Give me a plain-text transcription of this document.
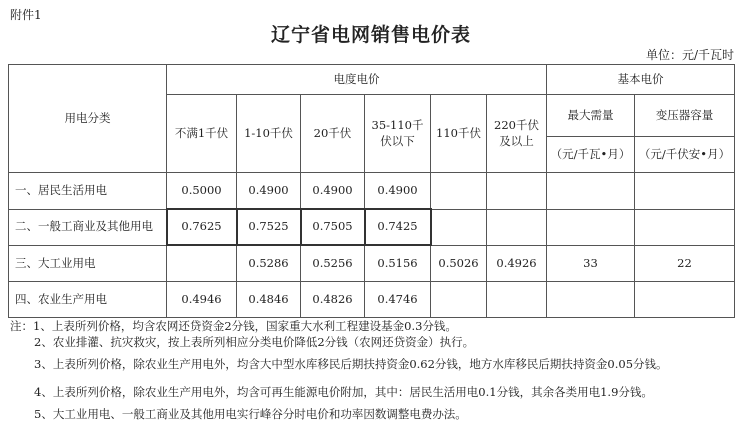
附件1
辽宁省电网销售电价表
单位：元/千瓦时
用电分类	电度电价						基本电价	
	不满1千伏	1-10千伏	20千伏	35-110千伏以下	110千伏	220千伏及以上	最大需量	变压器容量
							（元/千瓦•月）	（元/千伏安•月）
一、居民生活用电	0.5000	0.4900	0.4900	0.4900				
二、一般工商业及其他用电	0.7625	0.7525	0.7505	0.7425				
三、大工业用电		0.5286	0.5256	0.5156	0.5026	0.4926	33	22
四、农业生产用电	0.4946	0.4846	0.4826	0.4746				
注：1、上表所列价格，均含农网还贷资金2分钱，国家重大水利工程建设基金0.3分钱。
2、农业排灌、抗灾救灾，按上表所列相应分类电价降低2分钱（农网还贷资金）执行。
3、上表所列价格，除农业生产用电外，均含大中型水库移民后期扶持资金0.62分钱，地方水库移民后期扶持资金0.05分钱。
4、上表所列价格，除农业生产用电外，均含可再生能源电价附加，其中：居民生活用电0.1分钱，其余各类用电1.9分钱。
5、大工业用电、一般工商业及其他用电实行峰谷分时电价和功率因数调整电费办法。
